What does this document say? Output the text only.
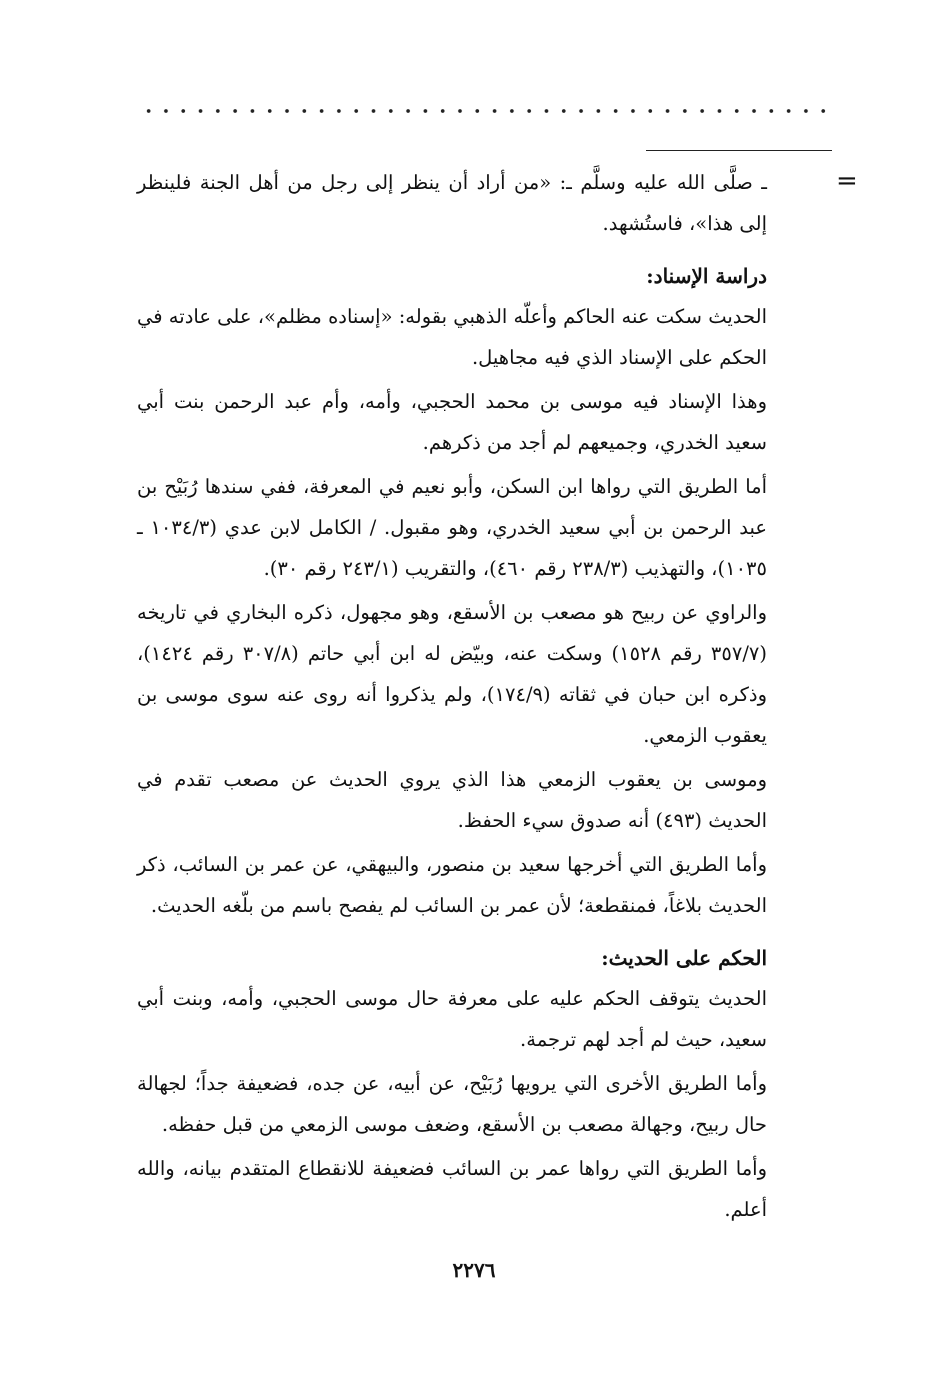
=

ـ صلَّى الله عليه وسلَّم ـ: «من أراد أن ينظر إلى رجل من أهل الجنة فلينظر إلى هذا»، فاستُشهد.

دراسة الإسناد:

الحديث سكت عنه الحاكم وأعلّه الذهبي بقوله: «إسناده مظلم»، على عادته في الحكم على الإسناد الذي فيه مجاهيل.

وهذا الإسناد فيه موسى بن محمد الحجبي، وأمه، وأم عبد الرحمن بنت أبي سعيد الخدري، وجميعهم لم أجد من ذكرهم.

أما الطريق التي رواها ابن السكن، وأبو نعيم في المعرفة، ففي سندها رُبَيْح بن عبد الرحمن بن أبي سعيد الخدري، وهو مقبول. / الكامل لابن عدي (١٠٣٤/٣ ـ ١٠٣٥)، والتهذيب (٢٣٨/٣ رقم ٤٦٠)، والتقريب (٢٤٣/١ رقم ٣٠).

والراوي عن ربيح هو مصعب بن الأسقع، وهو مجهول، ذكره البخاري في تاريخه (٣٥٧/٧ رقم ١٥٢٨) وسكت عنه، وبيّض له ابن أبي حاتم (٣٠٧/٨ رقم ١٤٢٤)، وذكره ابن حبان في ثقاته (١٧٤/٩)، ولم يذكروا أنه روى عنه سوى موسى بن يعقوب الزمعي.

وموسى بن يعقوب الزمعي هذا الذي يروي الحديث عن مصعب تقدم في الحديث (٤٩٣) أنه صدوق سيء الحفظ.

وأما الطريق التي أخرجها سعيد بن منصور، والبيهقي، عن عمر بن السائب، ذكر الحديث بلاغاً، فمنقطعة؛ لأن عمر بن السائب لم يفصح باسم من بلّغه الحديث.

الحكم على الحديث:

الحديث يتوقف الحكم عليه على معرفة حال موسى الحجبي، وأمه، وبنت أبي سعيد، حيث لم أجد لهم ترجمة.

وأما الطريق الأخرى التي يرويها رُبَيْح، عن أبيه، عن جده، فضعيفة جداً؛ لجهالة حال ربيح، وجهالة مصعب بن الأسقع، وضعف موسى الزمعي من قبل حفظه.

وأما الطريق التي رواها عمر بن السائب فضعيفة للانقطاع المتقدم بيانه، والله أعلم.

٢٢٧٦
